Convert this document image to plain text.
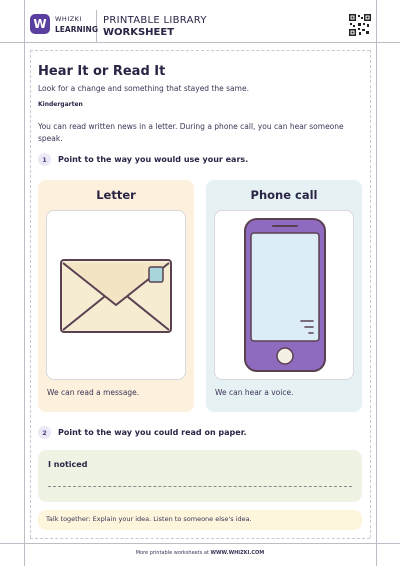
W	WHIZKI
LEARNING
PRINTABLE LIBRARY
WORKSHEET
Hear It or Read It
Look for a change and something that stayed the same.
Kindergarten
You can read written news in a letter. During a phone call, you can hear someone speak.
1	Point to the way you would use your ears.
Letter
We can read a message.
Phone call
We can hear a voice.
2	Point to the way you could read on paper.
I noticed
Talk together: Explain your idea. Listen to someone else's idea.
More printable worksheets at WWW.WHIZKI.COM
